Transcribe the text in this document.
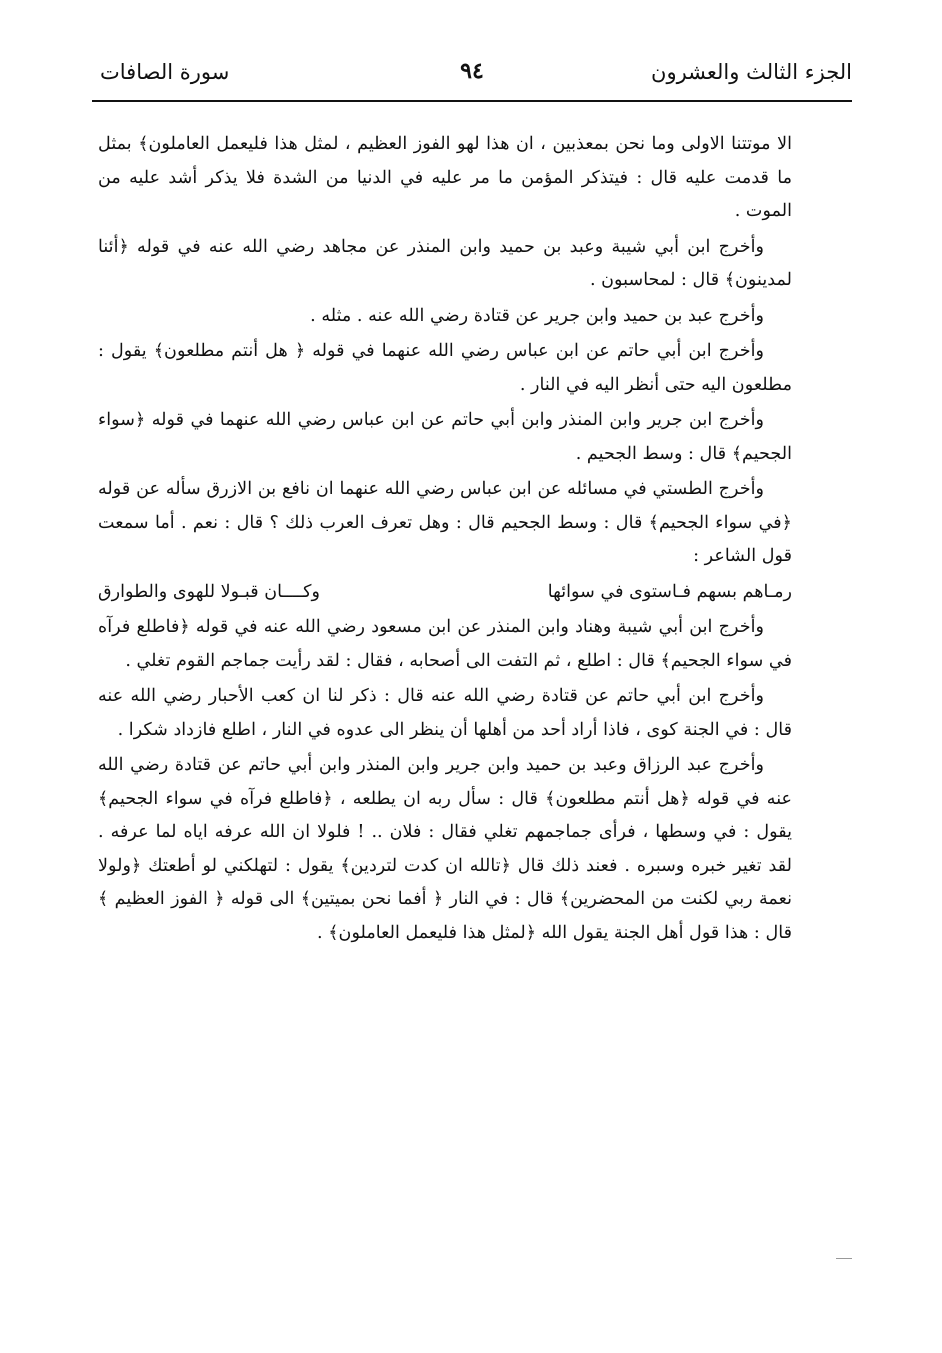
الجزء الثالث والعشرون
٩٤
سورة الصافات

الا موتتنا الاولى وما نحن بمعذبين ، ان هذا لهو الفوز العظيم ، لمثل هذا فليعمل العاملون﴾ بمثل ما قدمت عليه قال : فيتذكر المؤمن ما مر عليه في الدنيا من الشدة فلا يذكر أشد عليه من الموت .

وأخرج ابن أبي شيبة وعبد بن حميد وابن المنذر عن مجاهد رضي الله عنه في قوله ﴿أئنا لمدينون﴾ قال : لمحاسبون .

وأخرج عبد بن حميد وابن جرير عن قتادة رضي الله عنه . مثله .

وأخرج ابن أبي حاتم عن ابن عباس رضي الله عنهما في قوله ﴿ هل أنتم مطلعون﴾ يقول : مطلعون اليه حتى أنظر اليه في النار .

وأخرج ابن جرير وابن المنذر وابن أبي حاتم عن ابن عباس رضي الله عنهما في قوله ﴿سواء الجحيم﴾ قال : وسط الجحيم .

وأخرج الطستي في مسائله عن ابن عباس رضي الله عنهما ان نافع بن الازرق سأله عن قوله ﴿في سواء الجحيم﴾ قال : وسط الجحيم قال : وهل تعرف العرب ذلك ؟ قال : نعم . أما سمعت قول الشاعر :

رمـاهم بسهم فـاستوى في سوائها
وكــــان قبـولا للهوى والطوارق

وأخرج ابن أبي شيبة وهناد وابن المنذر عن ابن مسعود رضي الله عنه في قوله ﴿فاطلع فرآه في سواء الجحيم﴾ قال : اطلع ، ثم التفت الى أصحابه ، فقال : لقد رأيت جماجم القوم تغلي .

وأخرج ابن أبي حاتم عن قتادة رضي الله عنه قال : ذكر لنا ان كعب الأحبار رضي الله عنه قال : في الجنة كوى ، فاذا أراد أحد من أهلها أن ينظر الى عدوه في النار ، اطلع فازداد شكرا .

وأخرج عبد الرزاق وعبد بن حميد وابن جرير وابن المنذر وابن أبي حاتم عن قتادة رضي الله عنه في قوله ﴿هل أنتم مطلعون﴾ قال : سأل ربه ان يطلعه ، ﴿فاطلع فرآه في سواء الجحيم﴾ يقول : في وسطها ، فرأى جماجمهم تغلي فقال : فلان .. ! فلولا ان الله عرفه اياه لما عرفه . لقد تغير خبره وسبره . فعند ذلك قال ﴿تالله ان كدت لتردين﴾ يقول : لتهلكني لو أطعتك ﴿ولولا نعمة ربي لكنت من المحضرين﴾ قال : في النار ﴿ أفما نحن بميتين﴾ الى قوله ﴿ الفوز العظيم ﴾ قال : هذا قول أهل الجنة يقول الله ﴿لمثل هذا فليعمل العاملون﴾ .
